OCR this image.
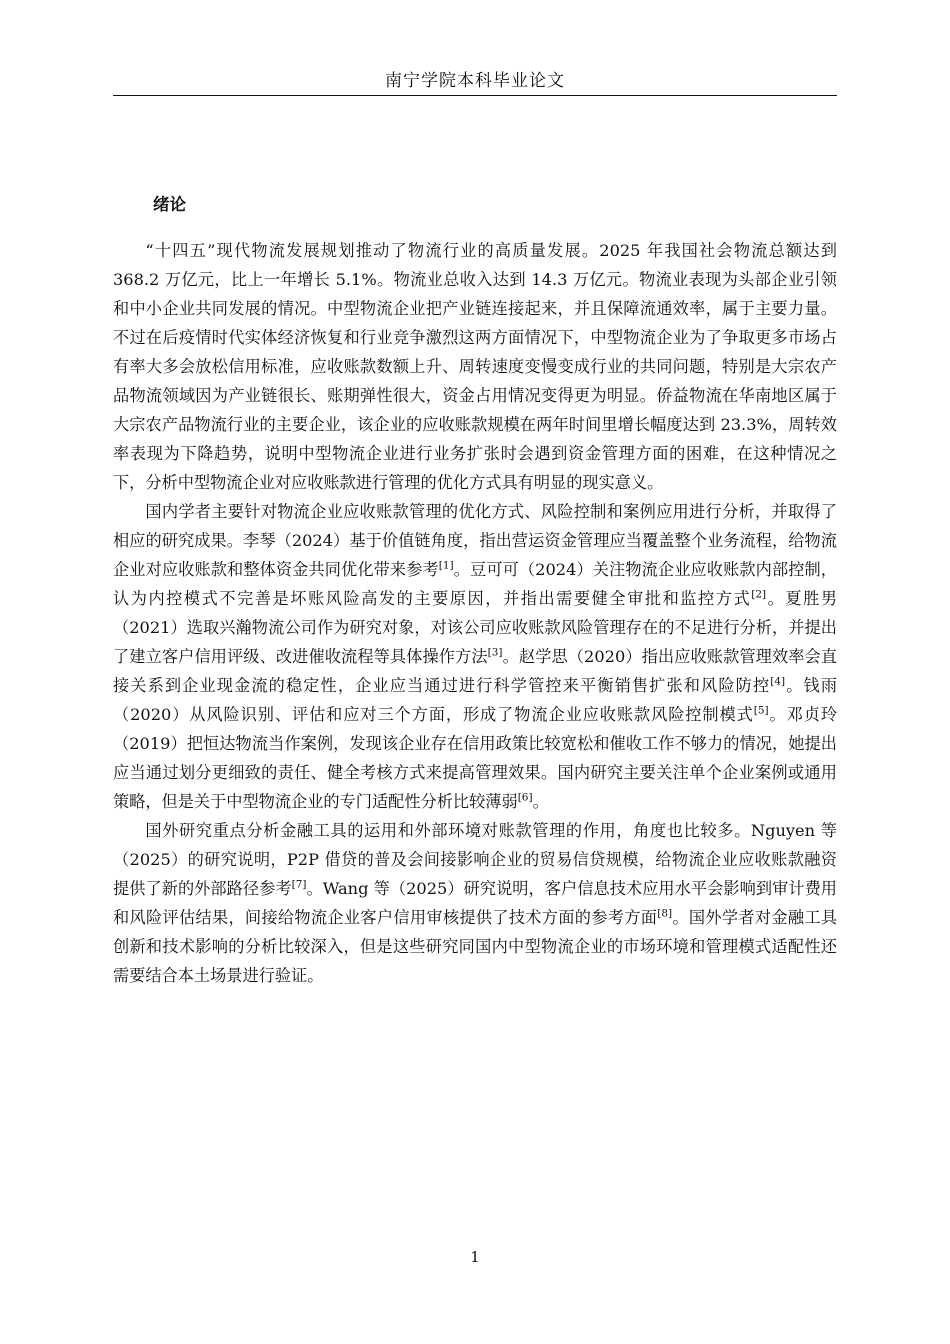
南宁学院本科毕业论文
绪论

“十四五”现代物流发展规划推动了物流行业的高质量发展。2025 年我国社会物流总额达到 368.2 万亿元，比上一年增长 5.1%。物流业总收入达到 14.3 万亿元。物流业表现为头部企业引领和中小企业共同发展的情况。中型物流企业把产业链连接起来，并且保障流通效率，属于主要力量。不过在后疫情时代实体经济恢复和行业竞争激烈这两方面情况下，中型物流企业为了争取更多市场占有率大多会放松信用标准，应收账款数额上升、周转速度变慢变成行业的共同问题，特别是大宗农产品物流领域因为产业链很长、账期弹性很大，资金占用情况变得更为明显。侨益物流在华南地区属于大宗农产品物流行业的主要企业，该企业的应收账款规模在两年时间里增长幅度达到 23.3%，周转效率表现为下降趋势，说明中型物流企业进行业务扩张时会遇到资金管理方面的困难，在这种情况之下，分析中型物流企业对应收账款进行管理的优化方式具有明显的现实意义。

国内学者主要针对物流企业应收账款管理的优化方式、风险控制和案例应用进行分析，并取得了相应的研究成果。李琴（2024）基于价值链角度，指出营运资金管理应当覆盖整个业务流程，给物流企业对应收账款和整体资金共同优化带来参考[1]。豆可可（2024）关注物流企业应收账款内部控制，认为内控模式不完善是坏账风险高发的主要原因，并指出需要健全审批和监控方式[2]。夏胜男（2021）选取兴瀚物流公司作为研究对象，对该公司应收账款风险管理存在的不足进行分析，并提出了建立客户信用评级、改进催收流程等具体操作方法[3]。赵学思（2020）指出应收账款管理效率会直接关系到企业现金流的稳定性，企业应当通过进行科学管控来平衡销售扩张和风险防控[4]。钱雨（2020）从风险识别、评估和应对三个方面，形成了物流企业应收账款风险控制模式[5]。邓贞玲（2019）把恒达物流当作案例，发现该企业存在信用政策比较宽松和催收工作不够力的情况，她提出应当通过划分更细致的责任、健全考核方式来提高管理效果。国内研究主要关注单个企业案例或通用策略，但是关于中型物流企业的专门适配性分析比较薄弱[6]。

国外研究重点分析金融工具的运用和外部环境对账款管理的作用，角度也比较多。Nguyen 等（2025）的研究说明，P2P 借贷的普及会间接影响企业的贸易信贷规模，给物流企业应收账款融资提供了新的外部路径参考[7]。Wang 等（2025）研究说明，客户信息技术应用水平会影响到审计费用和风险评估结果，间接给物流企业客户信用审核提供了技术方面的参考方面[8]。国外学者对金融工具创新和技术影响的分析比较深入，但是这些研究同国内中型物流企业的市场环境和管理模式适配性还需要结合本土场景进行验证。

1
